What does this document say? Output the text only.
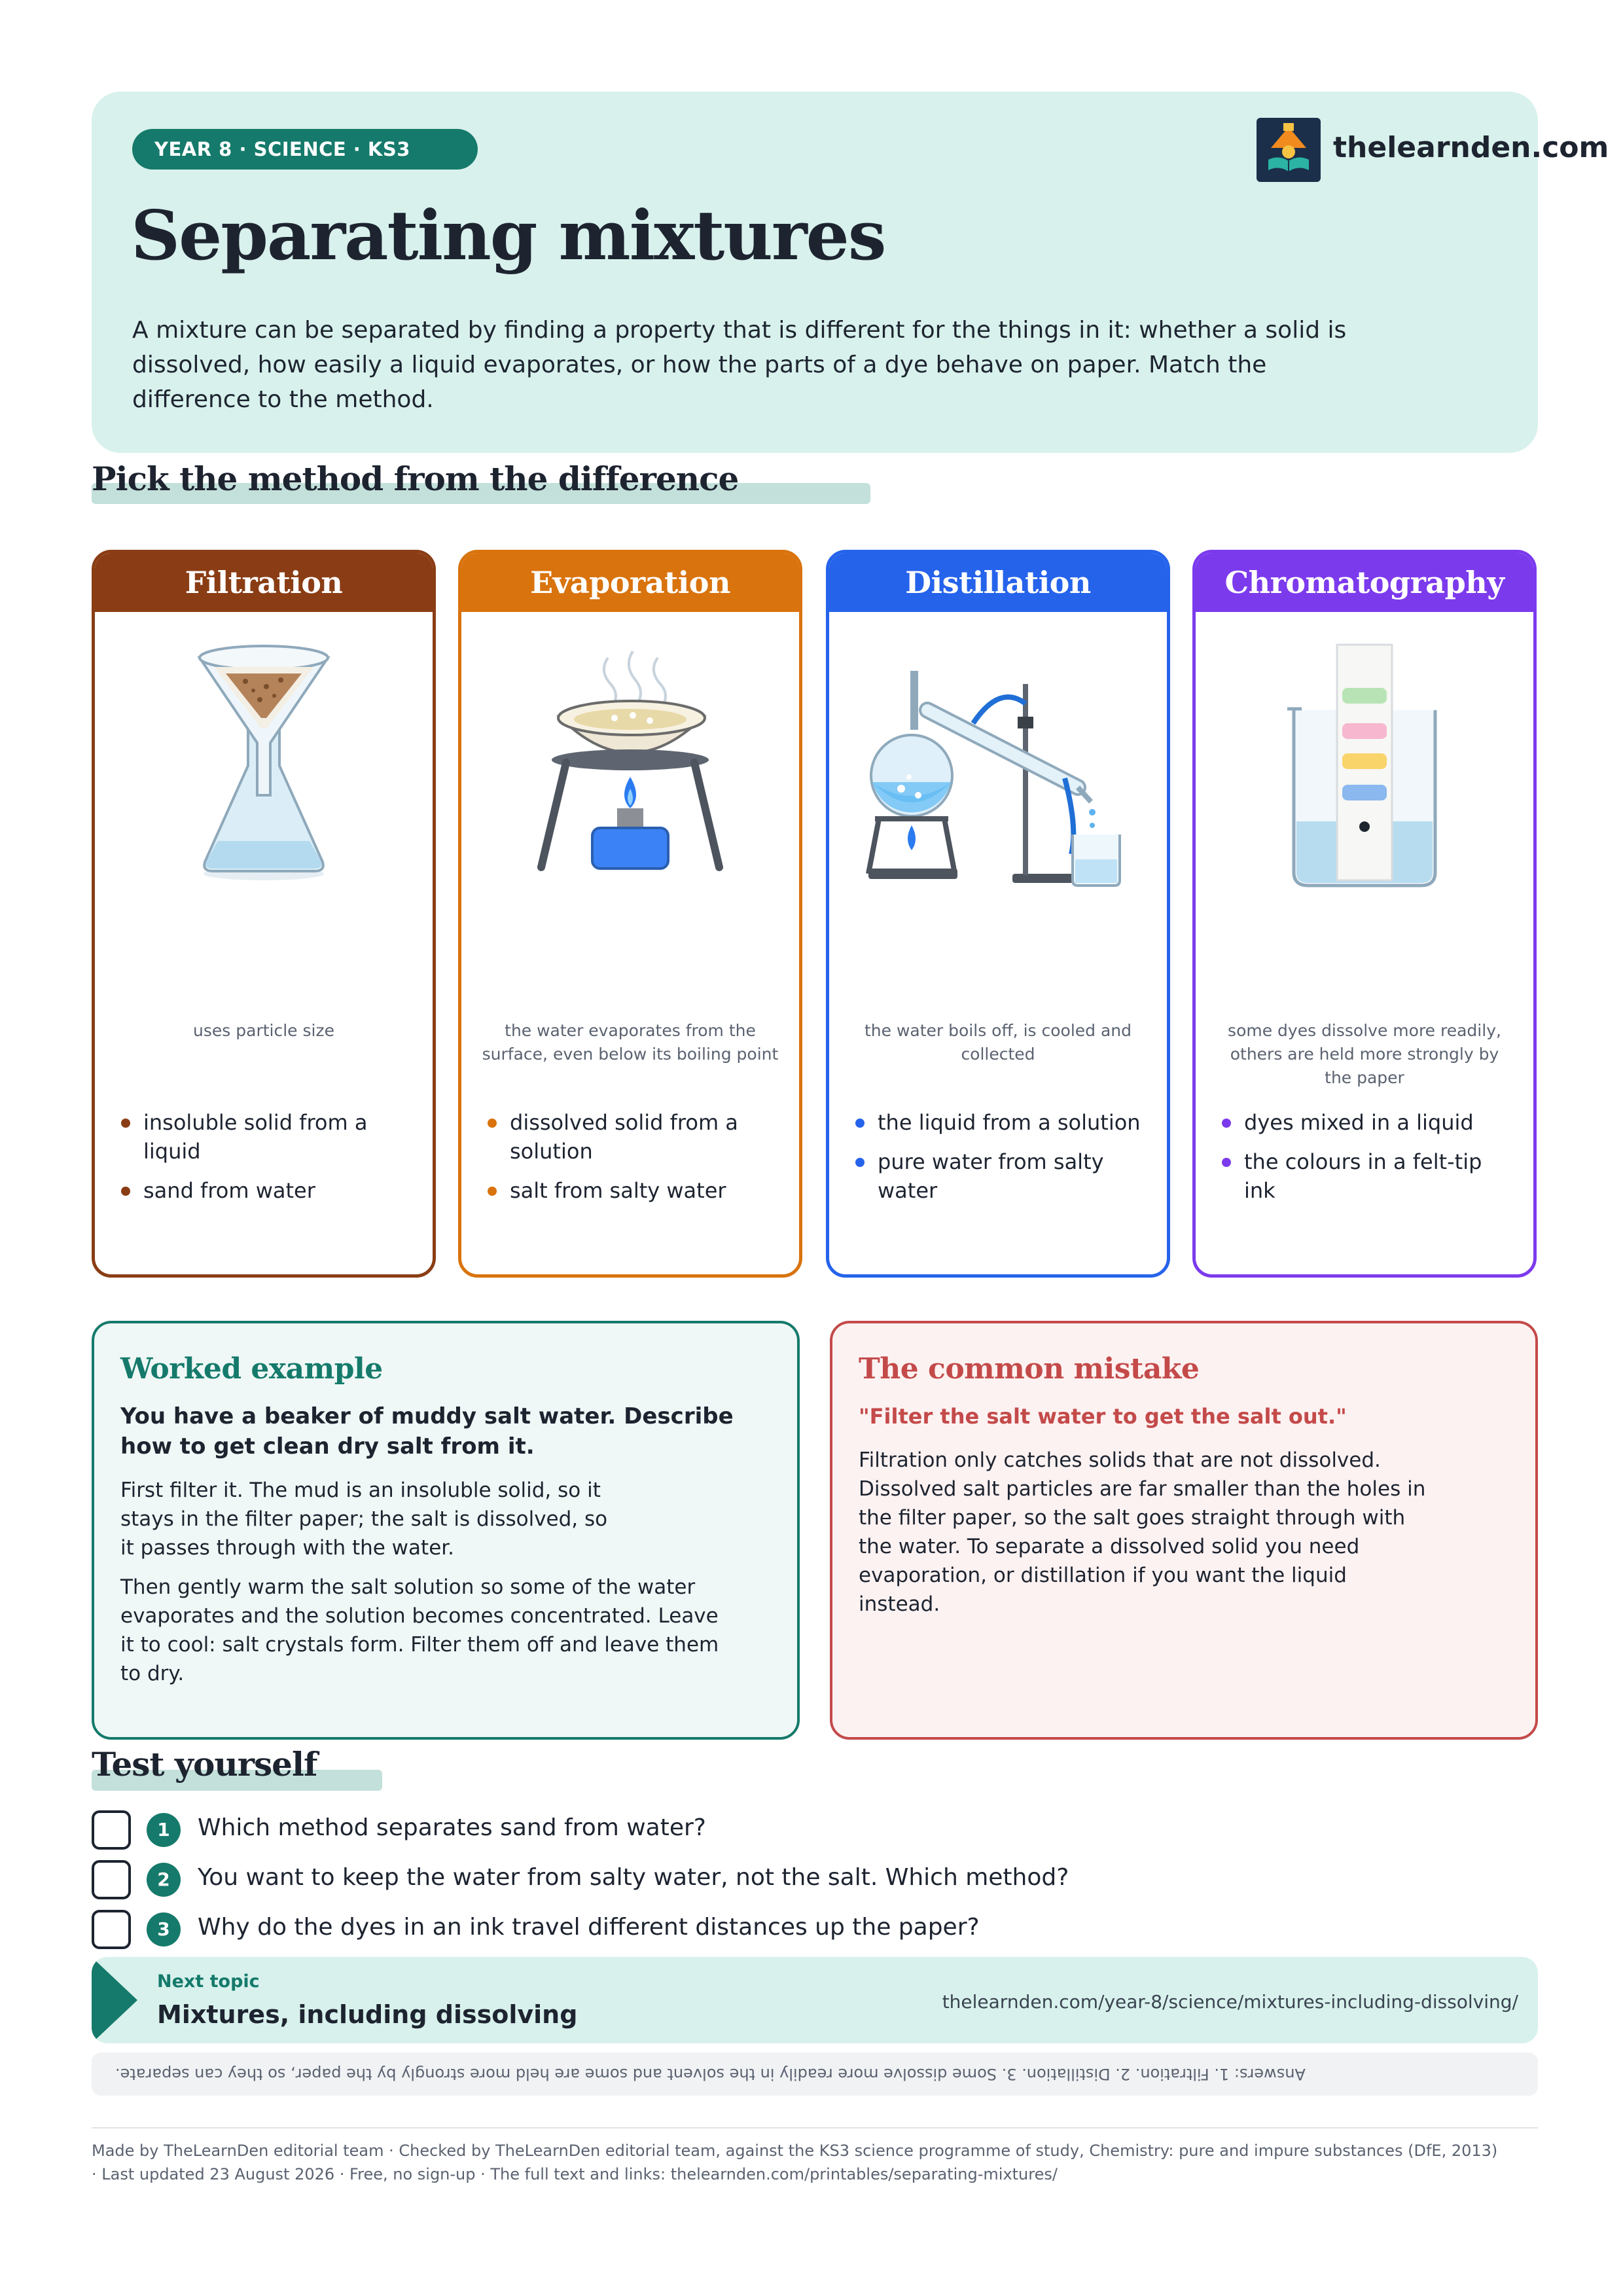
YEAR 8 · SCIENCE · KS3	thelearnden.com
Separating mixtures
A mixture can be separated by finding a property that is different for the things in it: whether a solid is dissolved, how easily a liquid evaporates, or how the parts of a dye behave on paper. Match the difference to the method.
Pick the method from the difference
Filtration
uses particle size
insoluble solid from a liquid
sand from water
Evaporation
the water evaporates from the surface, even below its boiling point
dissolved solid from a solution
salt from salty water
Distillation
the water boils off, is cooled and collected
the liquid from a solution
pure water from salty water
Chromatography
some dyes dissolve more readily, others are held more strongly by the paper
dyes mixed in a liquid
the colours in a felt-tip ink
Worked example
You have a beaker of muddy salt water. Describe how to get clean dry salt from it.
First filter it. The mud is an insoluble solid, so it stays in the filter paper; the salt is dissolved, so it passes through with the water.
Then gently warm the salt solution so some of the water evaporates and the solution becomes concentrated. Leave it to cool: salt crystals form. Filter them off and leave them to dry.
The common mistake
"Filter the salt water to get the salt out."
Filtration only catches solids that are not dissolved. Dissolved salt particles are far smaller than the holes in the filter paper, so the salt goes straight through with the water. To separate a dissolved solid you need evaporation, or distillation if you want the liquid instead.
Test yourself
1	Which method separates sand from water?
2	You want to keep the water from salty water, not the salt. Which method?
3	Why do the dyes in an ink travel different distances up the paper?
Next topic
Mixtures, including dissolving	thelearnden.com/year-8/science/mixtures-including-dissolving/
Answers: 1. Filtration. 2. Distillation. 3. Some dissolve more readily in the solvent and some are held more strongly by the paper, so they can separate.
Made by TheLearnDen editorial team · Checked by TheLearnDen editorial team, against the KS3 science programme of study, Chemistry: pure and impure substances (DfE, 2013)
· Last updated 23 August 2026 · Free, no sign-up · The full text and links: thelearnden.com/printables/separating-mixtures/
